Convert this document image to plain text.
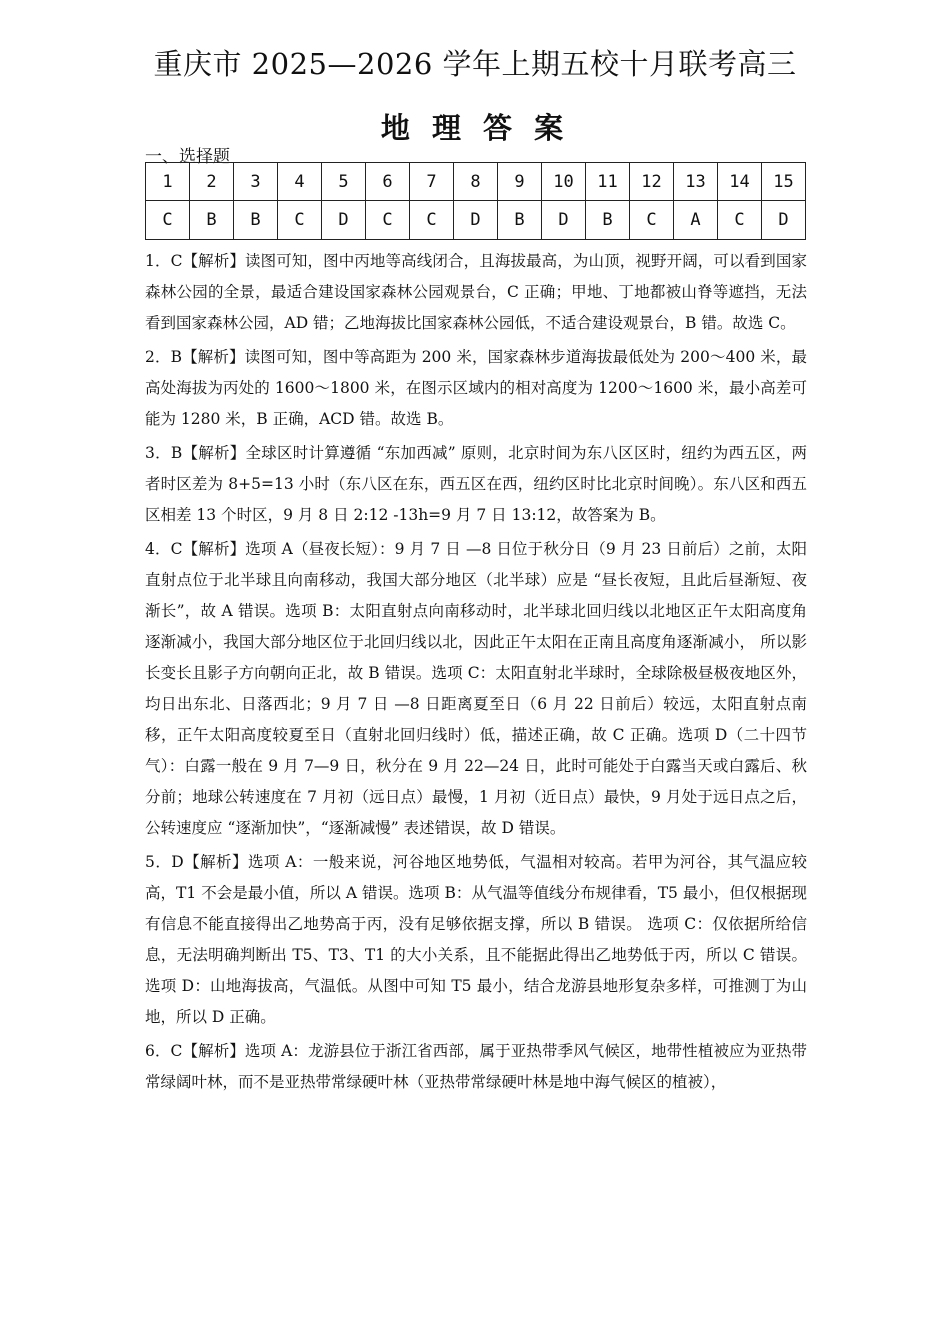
重庆市 2025—2026 学年上期五校十月联考高三
地 理 答 案
一、选择题
1	2	3	4	5	6	7	8	9	10	11	12	13	14	15
C	B	B	C	D	C	C	D	B	D	B	C	A	C	D

1．C【解析】读图可知，图中丙地等高线闭合，且海拔最高，为山顶，视野开阔，可以看到国家森林公园的全景，最适合建设国家森林公园观景台，C 正确；甲地、丁地都被山脊等遮挡，无法看到国家森林公园，AD 错；乙地海拔比国家森林公园低，不适合建设观景台，B 错。故选 C。

2．B【解析】读图可知，图中等高距为 200 米，国家森林步道海拔最低处为 200～400 米，最高处海拔为丙处的 1600～1800 米，在图示区域内的相对高度为 1200～1600 米，最小高差可能为 1280 米，B 正确，ACD 错。故选 B。

3．B【解析】全球区时计算遵循 “东加西减” 原则，北京时间为东八区区时，纽约为西五区，两者时区差为 8+5=13 小时（东八区在东，西五区在西，纽约区时比北京时间晚）。东八区和西五区相差 13 个时区，9 月 8 日 2:12 -13h=9 月 7 日 13:12，故答案为 B。

4．C【解析】选项 A（昼夜长短）：9 月 7 日 —8 日位于秋分日（9 月 23 日前后）之前，太阳直射点位于北半球且向南移动，我国大部分地区（北半球）应是 “昼长夜短，且此后昼渐短、夜渐长”，故 A 错误。选项 B：太阳直射点向南移动时，北半球北回归线以北地区正午太阳高度角逐渐减小，我国大部分地区位于北回归线以北，因此正午太阳在正南且高度角逐渐减小， 所以影长变长且影子方向朝向正北，故 B 错误。选项 C：太阳直射北半球时，全球除极昼极夜地区外，均日出东北、日落西北；9 月 7 日 —8 日距离夏至日（6 月 22 日前后）较远，太阳直射点南移，正午太阳高度较夏至日（直射北回归线时）低，描述正确，故 C 正确。选项 D（二十四节气）：白露一般在 9 月 7—9 日，秋分在 9 月 22—24 日，此时可能处于白露当天或白露后、秋分前；地球公转速度在 7 月初（远日点）最慢，1 月初（近日点）最快，9 月处于远日点之后，公转速度应 “逐渐加快”，“逐渐减慢” 表述错误，故 D 错误。

5．D【解析】选项 A：一般来说，河谷地区地势低，气温相对较高。若甲为河谷，其气温应较高，T1 不会是最小值，所以 A 错误。选项 B：从气温等值线分布规律看，T5 最小，但仅根据现有信息不能直接得出乙地势高于丙，没有足够依据支撑，所以 B 错误。 选项 C：仅依据所给信息，无法明确判断出 T5、T3、T1 的大小关系，且不能据此得出乙地势低于丙，所以 C 错误。选项 D：山地海拔高，气温低。从图中可知 T5 最小，结合龙游县地形复杂多样，可推测丁为山地，所以 D 正确。

6．C【解析】选项 A：龙游县位于浙江省西部，属于亚热带季风气候区，地带性植被应为亚热带常绿阔叶林，而不是亚热带常绿硬叶林（亚热带常绿硬叶林是地中海气候区的植被），
